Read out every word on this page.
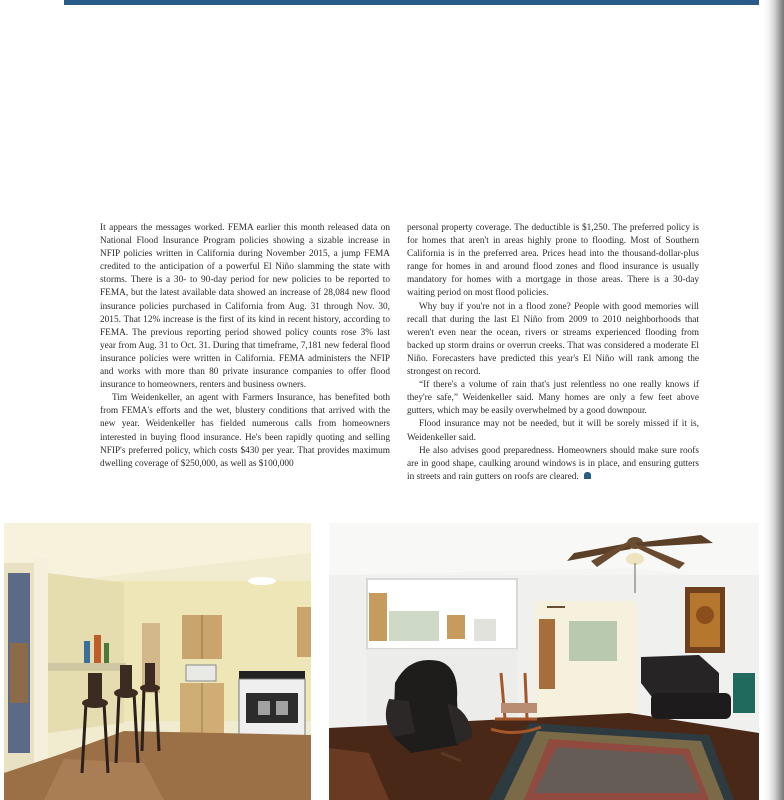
It appears the messages worked. FEMA earlier this month released data on National Flood Insurance Program policies showing a sizable increase in NFIP policies written in California during November 2015, a jump FEMA credited to the anticipation of a powerful El Niño slamming the state with storms. There is a 30- to 90-day period for new policies to be reported to FEMA, but the latest available data showed an increase of 28,084 new flood insurance policies purchased in California from Aug. 31 through Nov. 30, 2015. That 12% increase is the first of its kind in recent history, according to FEMA. The previous reporting period showed policy counts rose 3% last year from Aug. 31 to Oct. 31. During that timeframe, 7,181 new federal flood insurance policies were written in California. FEMA administers the NFIP and works with more than 80 private insurance companies to offer flood insurance to homeowners, renters and business owners.

Tim Weidenkeller, an agent with Farmers Insurance, has benefited both from FEMA's efforts and the wet, blustery conditions that arrived with the new year. Weidenkeller has fielded numerous calls from homeowners interested in buying flood insurance. He's been rapidly quoting and selling NFIP's preferred policy, which costs $430 per year. That provides maximum dwelling coverage of $250,000, as well as $100,000

personal property coverage. The deductible is $1,250. The preferred policy is for homes that aren't in areas highly prone to flooding. Most of Southern California is in the preferred area. Prices head into the thousand-dollar-plus range for homes in and around flood zones and flood insurance is usually mandatory for homes with a mortgage in those areas. There is a 30-day waiting period on most flood policies.

Why buy if you're not in a flood zone? People with good memories will recall that during the last El Niño from 2009 to 2010 neighborhoods that weren't even near the ocean, rivers or streams experienced flooding from backed up storm drains or overrun creeks. That was considered a moderate El Niño. Forecasters have predicted this year's El Niño will rank among the strongest on record.

“If there's a volume of rain that's just relentless no one really knows if they're safe,” Weidenkeller said. Many homes are only a few feet above gutters, which may be easily overwhelmed by a good downpour.

Flood insurance may not be needed, but it will be sorely missed if it is, Weidenkeller said.

He also advises good preparedness. Homeowners should make sure roofs are in good shape, caulking around windows is in place, and ensuring gutters in streets and rain gutters on roofs are cleared.
